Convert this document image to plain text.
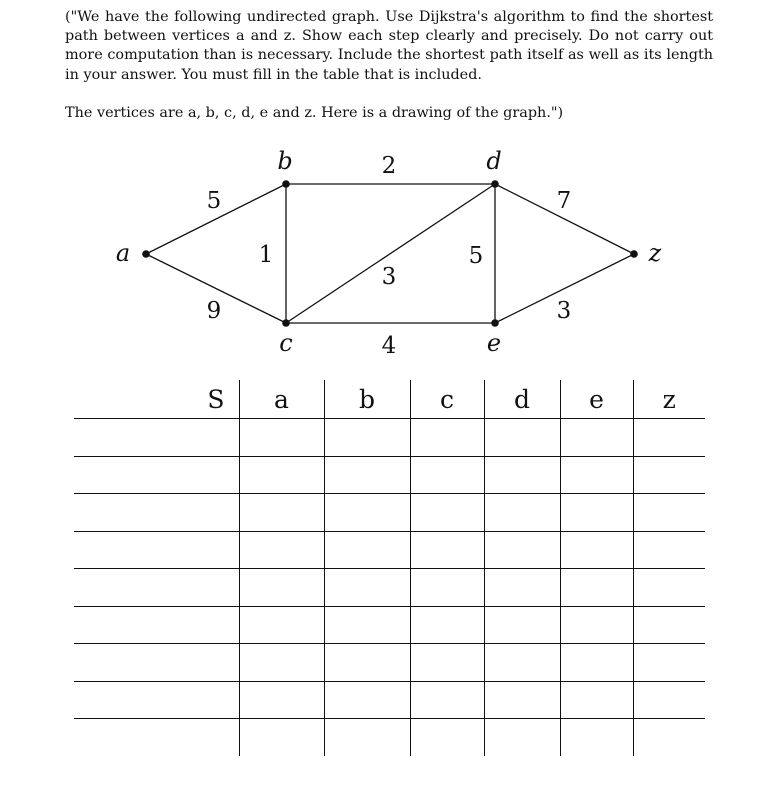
("We have the following undirected graph. Use Dijkstra's algorithm to find the shortest path between vertices a and z. Show each step clearly and precisely. Do not carry out more computation than is necessary. Include the shortest path itself as well as its length in your answer. You must fill in the table that is included.

The vertices are a, b, c, d, e and z. Here is a drawing of the graph.")

a
b
c
d
e
z
5
9
1
2
3
4
5
7
3
S	a	b	c	d	e	z
